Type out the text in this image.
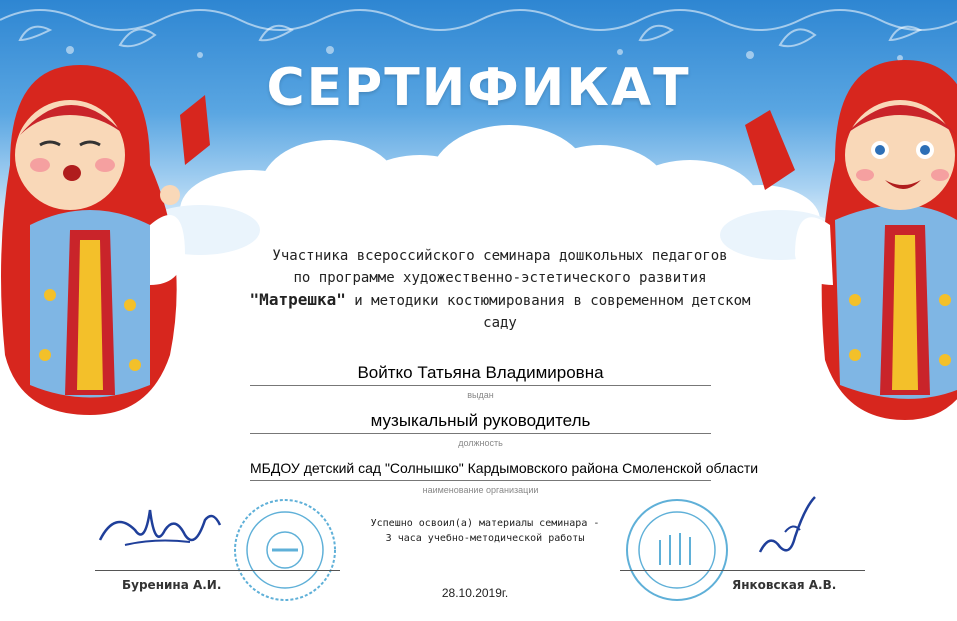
СЕРТИФИКАТ
Участника всероссийского семинара дошкольных педагогов
по программе художественно-эстетического развития
"Матрешка" и методики костюмирования в современном детском
саду
Войтко Татьяна Владимировна
выдан
музыкальный руководитель
должность
МБДОУ детский сад "Солнышко" Кардымовского района Смоленской области
наименование организации
Буренина А.И.
Успешно освоил(а) материалы семинара -
3 часа учебно-методической работы
28.10.2019г.
Янковская А.В.
